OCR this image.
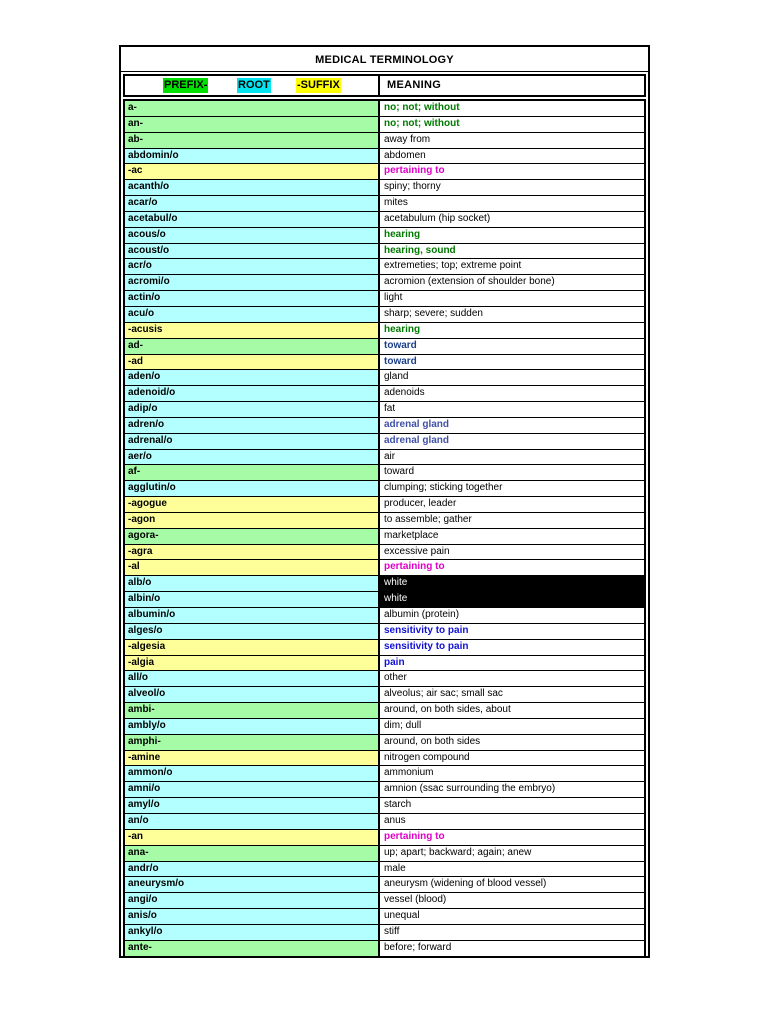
MEDICAL TERMINOLOGY
PREFIX-	ROOT -SUFFIX	MEANING
a-	no; not; without
an-	no; not; without
ab-	away from
abdomin/o	abdomen
-ac	pertaining to
acanth/o	spiny; thorny
acar/o	mites
acetabul/o	acetabulum (hip socket)
acous/o	hearing
acoust/o	hearing, sound
acr/o	extremeties; top; extreme point
acromi/o	acromion (extension of shoulder bone)
actin/o	light
acu/o	sharp; severe; sudden
-acusis	hearing
ad-	toward
-ad	toward
aden/o	gland
adenoid/o	adenoids
adip/o	fat
adren/o	adrenal gland
adrenal/o	adrenal gland
aer/o	air
af-	toward
agglutin/o	clumping; sticking together
-agogue	producer, leader
-agon	to assemble; gather
agora-	marketplace
-agra	excessive pain
-al	pertaining to
alb/o	white
albin/o	white
albumin/o	albumin (protein)
alges/o	sensitivity to pain
-algesia	sensitivity to pain
-algia	pain
all/o	other
alveol/o	alveolus; air sac; small sac
ambi-	around, on both sides, about
ambly/o	dim; dull
amphi-	around, on both sides
-amine	nitrogen compound
ammon/o	ammonium
amni/o	amnion (ssac surrounding the embryo)
amyl/o	starch
an/o	anus
-an	pertaining to
ana-	up; apart; backward; again; anew
andr/o	male
aneurysm/o	aneurysm (widening of blood vessel)
angi/o	vessel (blood)
anis/o	unequal
ankyl/o	stiff
ante-	before; forward
